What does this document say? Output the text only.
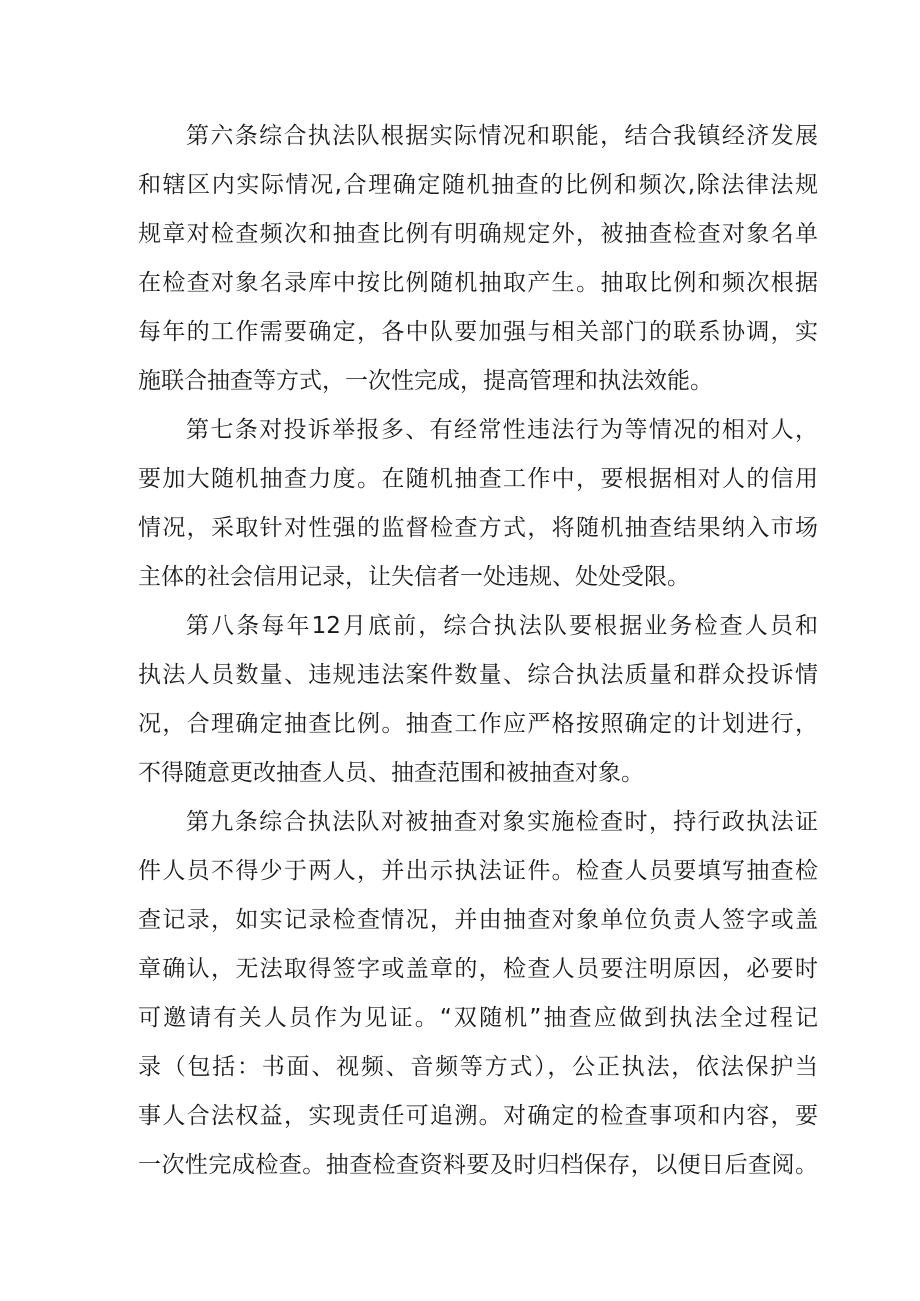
第六条综合执法队根据实际情况和职能，结合我镇经济发展
和辖区内实际情况,合理确定随机抽查的比例和频次,除法律法规
规章对检查频次和抽查比例有明确规定外，被抽查检查对象名单
在检查对象名录库中按比例随机抽取产生。抽取比例和频次根据
每年的工作需要确定，各中队要加强与相关部门的联系协调，实
施联合抽查等方式，一次性完成，提高管理和执法效能。
第七条对投诉举报多、有经常性违法行为等情况的相对人，
要加大随机抽查力度。在随机抽查工作中，要根据相对人的信用
情况，采取针对性强的监督检查方式，将随机抽查结果纳入市场
主体的社会信用记录，让失信者一处违规、处处受限。
第八条每年12月底前，综合执法队要根据业务检查人员和
执法人员数量、违规违法案件数量、综合执法质量和群众投诉情
况，合理确定抽查比例。抽查工作应严格按照确定的计划进行，
不得随意更改抽查人员、抽查范围和被抽查对象。
第九条综合执法队对被抽查对象实施检查时，持行政执法证
件人员不得少于两人，并出示执法证件。检查人员要填写抽查检
查记录，如实记录检查情况，并由抽查对象单位负责人签字或盖
章确认，无法取得签字或盖章的，检查人员要注明原因，必要时
可邀请有关人员作为见证。“双随机”抽查应做到执法全过程记
录（包括：书面、视频、音频等方式），公正执法，依法保护当
事人合法权益，实现责任可追溯。对确定的检查事项和内容，要
一次性完成检查。抽查检查资料要及时归档保存，以便日后查阅。
